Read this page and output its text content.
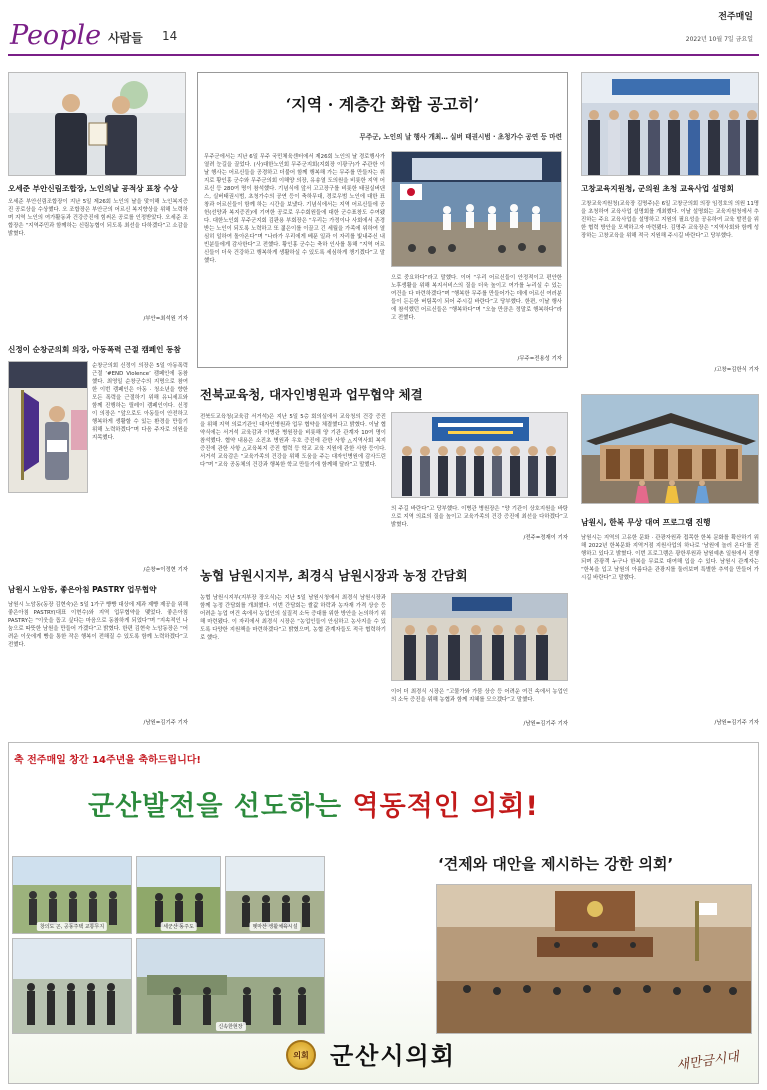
People 사람들 14
전주매일
2022년 10월 7일 금요일
오세준 부안신림조합장, 노인의날 공적상 표창 수상
오세준 부안신림조합장이 지난 5일 제26회 노인의 날을 맞이해 노인복지증진 공로상을 수상했다. 오 조합장은 부안군의 어르신 복지향상을 위해 노력하며 지역 노인의 여가활동과 건강증진에 힘써온 공로를 인정받았다. 오세준 조합장은 “지역주민과 함께하는 신림농협이 되도록 최선을 다하겠다”고 소감을 밝혔다.
/부안=최석원 기자
신정이 순창군의회 의장, 아동폭력 근절 캠페인 동참
순창군의회 신정이 의장은 5일 아동폭력 근절 ‘#END Violence’ 캠페인에 동참했다. 최영일 순창군수의 지명으로 참여한 이번 캠페인은 아동 · 청소년을 향한 모든 폭력을 근절하기 위해 유니세프와 함께 진행하는 릴레이 캠페인이다. 신정이 의장은 “앞으로도 아동들이 안전하고 행복하게 생활할 수 있는 환경을 만들기 위해 노력하겠다”며 다음 주자로 의원을 지목했다.
/순창=이정현 기자
남원시 노암동, 좋은아침 PASTRY 업무협약
남원시 노암동(동장 김현숙)은 5일 1가구 빵빵 대상에 제과 제빵 제공을 위해 좋은아침 PASTRY(대표 이현수)와 지역 업무협약을 맺었다. 좋은아침 PASTRY는 “이웃을 돕고 싶다는 마음으로 동참하게 되었다”며 “지속적인 나눔으로 따뜻한 남원을 만들어 가겠다”고 밝혔다. 한편 김현숙 노암동장은 “어려운 이웃에게 빵을 통한 작은 행복이 전해질 수 있도록 함께 노력하겠다”고 전했다.
/남원=김기주 기자
‘지역 · 계층간 화합 공고히’
무주군, 노인의 날 행사 개최… 실버 태권시범 · 초청가수 공연 등 마련
무주군에서는 지난 6일 무주 국민체육센터에서 제26회 노인의 날 경로행사가 열려 눈길을 끌었다. (사)대한노인회 무주군지회(지회장 이광구)가 주관한 이날 행사는 어르신들을 공경하고 더불어 함께 행복해 가는 무주를 만들자는 취지로 황인홍 군수와 무주군의회 이해양 의장, 유송열 도의원을 비롯한 지역 어르신 등 280여 명이 참석했다. 기념식에 앞서 고고장구를 비롯한 태권실버댄스, 실버태권시범, 초청가수의 공연 등이 축하무대, 경로우범 노인에 대한 표창과 어르신들이 함께 하는 시간을 보냈다. 기념식에서는 지역 어르신들에 공헌(선양과 복지증진)에 기여한 공로로 우수회원들에 대한 군수표창도 수여됐다. 대한노인회 무주군지회 김판용 부회장은 “우리는 가정이나 사회에서 존경받는 노인이 되도록 노력하고 또 젊은이를 이끌고 긴 세월을 가족에 위하여 열심히 일하여 돌아온다”며 “나라가 우리에게 베푼 일과 이 자리를 빛내주신 내빈분들에게 감사한다”고 전했다. 황인홍 군수는 축하 인사를 통해 “지역 어르신들이 더욱 건강하고 행복하게 생활하실 수 있도록 세심하게 챙기겠다”고 말했다.
으로 중요하다”라고 말했다. 이어 “우리 어르신들이 안정적이고 편안한 노후생활을 위해 복지서비스의 질을 더욱 높이고 여가를 누리실 수 있는 여건을 다 마련하겠다”며 “행복한 무주를 만들어가는 데에 어르신 여러분들이 든든한 버팀목이 되어 주시길 바란다”고 당부했다. 한편, 이날 행사에 참석했던 어르신들은 “행복하다”며 “오늘 만큼은 정말로 행복하다”라고 전했다.
/무주=전용성 기자
전북교육청, 대자인병원과 업무협약 체결
전북도교육청(교육감 서거석)은 지난 5일 5층 회의실에서 교육청의 건강 증진을 위해 지역 의료기관인 대자인병원과 업무 협약을 체결했다고 밝혔다. 이날 협약식에는 서거석 교육감과 이병관 병원장을 비롯해 양 기관 관계자 10여 명이 참석했다. 협약 내용은 소진초 병원과 우호 증진에 관한 사항 △지역사회 복지 증진에 관한 사항 △교육복지 증진 협력 등 학교 교육 지원에 관한 사항 등이다. 서거석 교육감은 “교육가족의 건강을 위해 도움을 주는 대자인병원에 감사드린다”며 “교육 공동체의 건강과 행복한 학교 만들기에 함께해 달라”고 말했다.
의 주길 바란다”고 당부했다. 이병관 병원장은 “양 기관이 상호지원을 바탕으로 지역 의료의 질을 높이고 교육가족의 건강 증진에 최선을 다하겠다”고 밝혔다.
/전주=정재이 기자
농협 남원시지부, 최경식 남원시장과 농정 간담회
농협 남원시지부(지부장 장오식)는 지난 5일 남원시청에서 최경식 남원시장과 함께 농정 간담회를 개최했다. 이번 간담회는 쌀값 하락과 농자재 가격 상승 등 어려운 농업 여건 속에서 농업인의 실질적 소득 증대를 위한 방안을 논의하기 위해 마련됐다. 이 자리에서 최경식 시장은 “농업인들이 안심하고 농사지을 수 있도록 다양한 지원책을 마련하겠다”고 밝혔으며, 농협 관계자들도 적극 협력하기로 했다.
이어 더 최경식 시장은 “고물가와 가뭄 상승 등 어려운 여건 속에서 농업인의 소득 증진을 위해 농협과 함께 지혜를 모으겠다”고 말했다.
/남원=김기주 기자
고창교육지원청, 군의원 초청 교육사업 설명회
고창교육지원청(교육장 김명주)은 6일 고창군의회 의장 임정호의 의원 11명을 초청하여 교육사업 설명회를 개최했다. 이날 설명회는 교육지원청에서 추진하는 주요 교육사업을 설명하고 지원의 필요성을 공유하여 교육 발전을 위한 협력 방안을 모색하고자 마련됐다. 김명주 교육장은 “지역사회와 함께 성장하는 고창교육을 위해 적극 지원해 주시길 바란다”고 당부했다.
/고창=김한식 기자
남원시, 한복 무상 대여 프로그램 진행
남원시는 지역의 고유한 문화 · 관광자원과 접목한 한복 문화를 확산하기 위해 2022년 한복문화 지역거점 지원사업의 하나로 ‘남원에 놀러 온다’를 진행하고 있다고 밝혔다. 이번 프로그램은 광한루원과 남원예촌 일원에서 진행되며 관광객 누구나 한복을 무료로 대여해 입을 수 있다. 남원시 관계자는 “한복을 입고 남원의 아름다운 관광지를 둘러보며 특별한 추억을 만들어 가시길 바란다”고 말했다.
/남원=김기주 기자
축 전주매일 창간 14주년을 축하드립니다!
군산발전을 선도하는 역동적인 의회!
‘견제와 대안을 제시하는 강한 의회’
창의도 곤, 공동주택 교통무지	세군산 동주도	뗏마산 생활체육시설
신속한현장
의회 군산시의회	새만금시대
